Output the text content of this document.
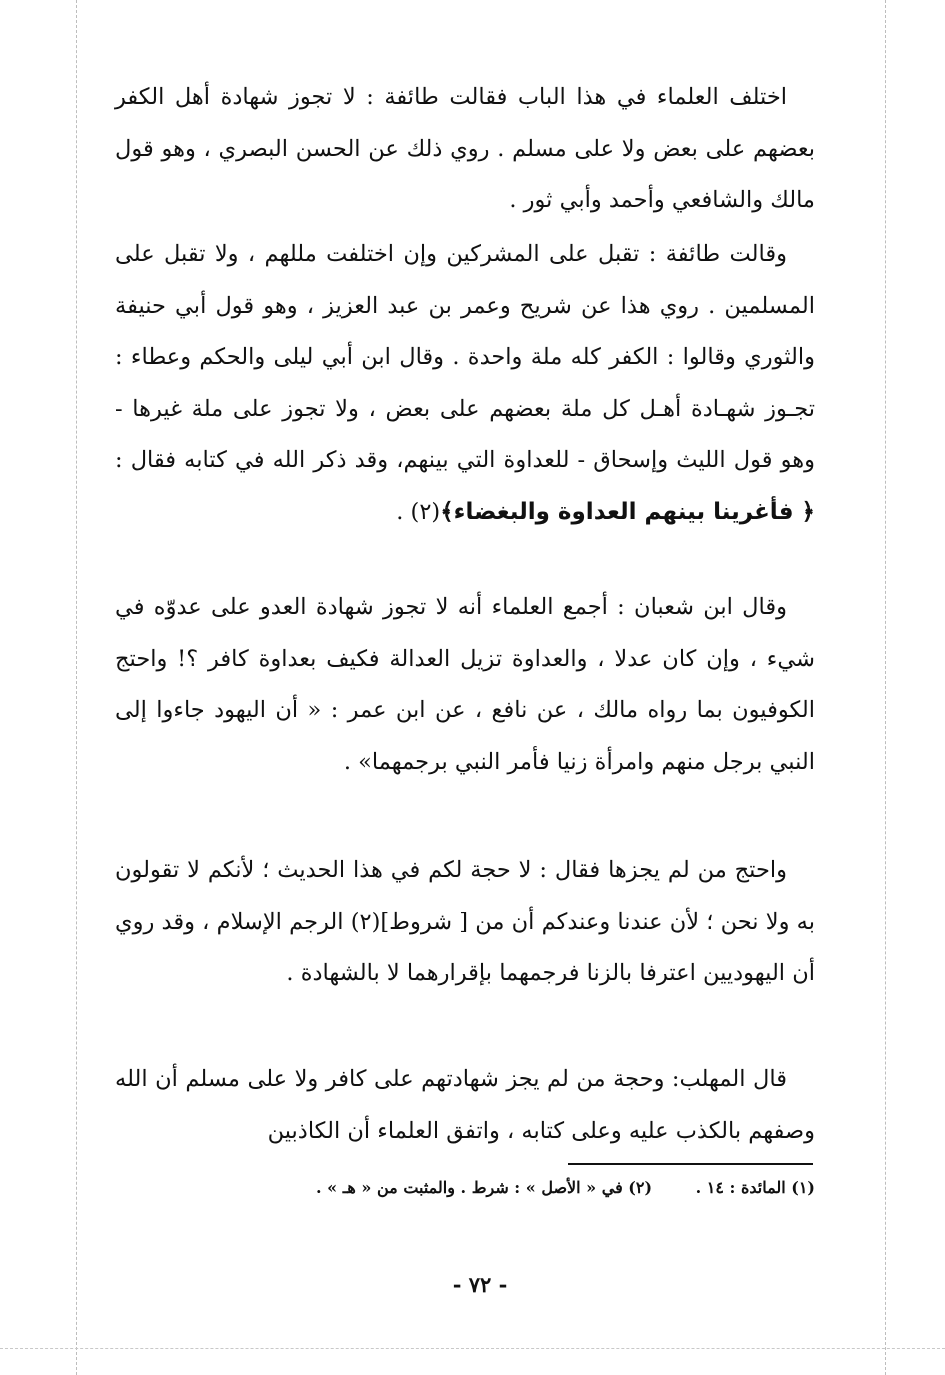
اختلف العلماء في هذا الباب فقالت طائفة : لا تجوز شهادة أهل الكفر بعضهم على بعض ولا على مسلم . روي ذلك عن الحسن البصري ، وهو قول مالك والشافعي وأحمد وأبي ثور .

وقالت طائفة : تقبل على المشركين وإن اختلفت مللهم ، ولا تقبل على المسلمين . روي هذا عن شريح وعمر بن عبد العزيز ، وهو قول أبي حنيفة والثوري وقالوا : الكفر كله ملة واحدة . وقال ابن أبي ليلى والحكم وعطاء : تجـوز شهـادة أهـل كل ملة بعضهم على بعض ، ولا تجوز على ملة غيرها - وهو قول الليث وإسحاق - للعداوة التي بينهم، وقد ذكر الله في كتابه فقال : ﴿ فأغرينا بينهم العداوة والبغضاء﴾(٢) .

وقال ابن شعبان : أجمع العلماء أنه لا تجوز شهادة العدو على عدوّه في شيء ، وإن كان عدلا ، والعداوة تزيل العدالة فكيف بعداوة كافر ؟! واحتج الكوفيون بما رواه مالك ، عن نافع ، عن ابن عمر : « أن اليهود جاءوا إلى النبي برجل منهم وامرأة زنيا فأمر النبي برجمهما» .

واحتج من لم يجزها فقال : لا حجة لكم في هذا الحديث ؛ لأنكم لا تقولون به ولا نحن ؛ لأن عندنا وعندكم أن من [ شروط](٢) الرجم الإسلام ، وقد روي أن اليهوديين اعترفا بالزنا فرجمهما بإقرارهما لا بالشهادة .

قال المهلب: وحجة من لم يجز شهادتهم على كافر ولا على مسلم أن الله وصفهم بالكذب عليه وعلى كتابه ، واتفق العلماء أن الكاذبين

(١) المائدة : ١٤ . (٢) في « الأصل » : شرط . والمثبت من « هـ » .
- ٧٢ -
